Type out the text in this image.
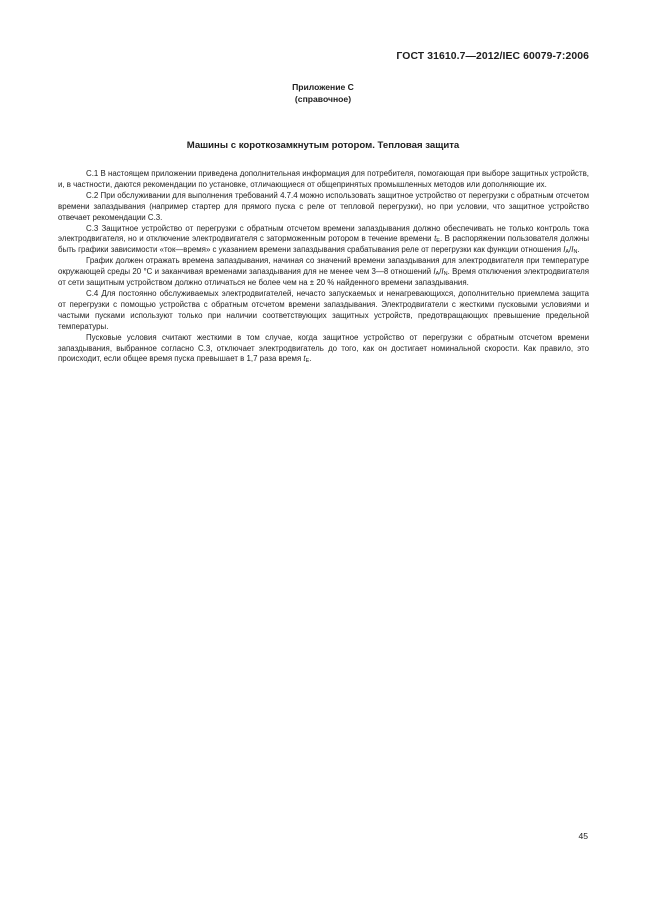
ГОСТ 31610.7—2012/IEC 60079-7:2006
Приложение С
(справочное)
Машины с короткозамкнутым ротором. Тепловая защита

С.1 В настоящем приложении приведена дополнительная информация для потребителя, помогающая при выборе защитных устройств, и, в частности, даются рекомендации по установке, отличающиеся от общепринятых промышленных методов или дополняющие их.

С.2 При обслуживании для выполнения требований 4.7.4 можно использовать защитное устройство от перегрузки с обратным отсчетом времени запаздывания (например стартер для прямого пуска с реле от тепловой перегрузки), но при условии, что защитное устройство отвечает рекомендации С.3.

С.3 Защитное устройство от перегрузки с обратным отсчетом времени запаздывания должно обеспечивать не только контроль тока электродвигателя, но и отключение электродвигателя с заторможенным ротором в течение времени $t_E$. В распоряжении пользователя должны быть графики зависимости «ток—время» с указанием времени запаздывания срабатывания реле от перегрузки как функции отношения $I_A/I_N$.

График должен отражать времена запаздывания, начиная со значений времени запаздывания для электродвигателя при температуре окружающей среды 20 °С и заканчивая временами запаздывания для не менее чем 3—8 отношений $I_A/I_N$. Время отключения электродвигателя от сети защитным устройством должно отличаться не более чем на ± 20 % найденного времени запаздывания.

С.4 Для постоянно обслуживаемых электродвигателей, нечасто запускаемых и ненагревающихся, дополнительно приемлема защита от перегрузки с помощью устройства с обратным отсчетом времени запаздывания. Электродвигатели с жесткими пусковыми условиями и частыми пусками используют только при наличии соответствующих защитных устройств, предотвращающих превышение предельной температуры.

Пусковые условия считают жесткими в том случае, когда защитное устройство от перегрузки с обратным отсчетом времени запаздывания, выбранное согласно С.3, отключает электродвигатель до того, как он достигает номинальной скорости. Как правило, это происходит, если общее время пуска превышает в 1,7 раза время $t_E$.

45
